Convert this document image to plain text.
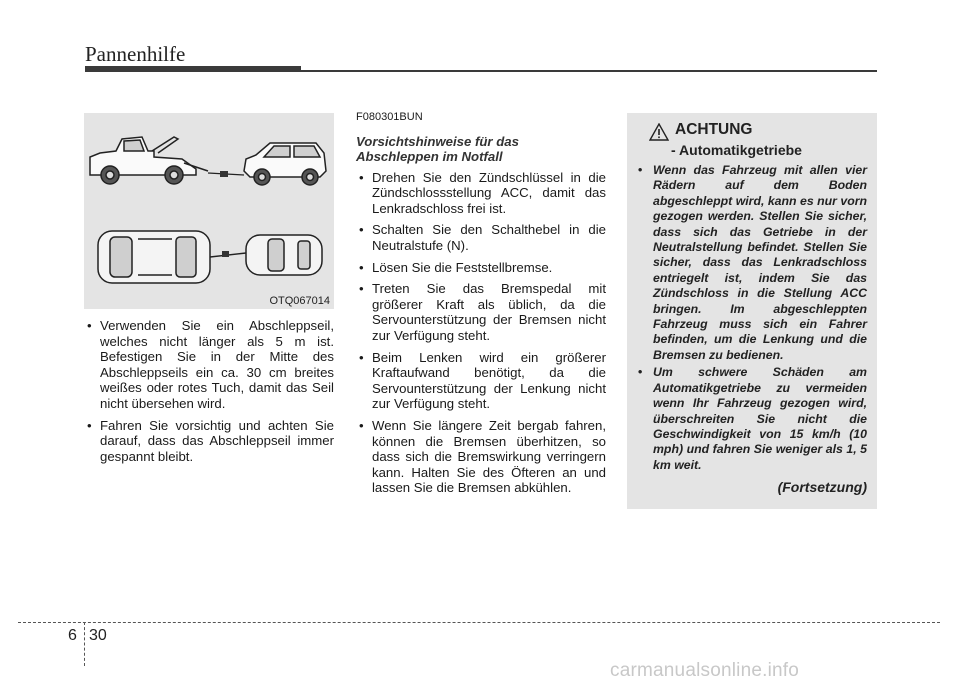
Pannenhilfe
OTQ067014
• Verwenden Sie ein Abschleppseil, welches nicht länger als 5 m ist. Befestigen Sie in der Mitte des Abschleppseils ein ca. 30 cm breites weißes oder rotes Tuch, damit das Seil nicht übersehen wird.
• Fahren Sie vorsichtig und achten Sie darauf, dass das Abschleppseil immer gespannt bleibt.
F080301BUN
Vorsichtshinweise für das
Abschleppen im Notfall
• Drehen Sie den Zündschlüssel in die Zündschlossstellung ACC, damit das Lenkradschloss frei ist.
• Schalten Sie den Schalthebel in die Neutralstufe (N).
• Lösen Sie die Feststellbremse.
• Treten Sie das Bremspedal mit größerer Kraft als üblich, da die Servounterstützung der Bremsen nicht zur Verfügung steht.
• Beim Lenken wird ein größerer Kraftaufwand benötigt, da die Servounterstützung der Lenkung nicht zur Verfügung steht.
• Wenn Sie längere Zeit bergab fahren, können die Bremsen überhitzen, so dass sich die Bremswirkung verringern kann. Halten Sie des Öfteren an und lassen Sie die Bremsen abkühlen.
ACHTUNG
- Automatikgetriebe
• Wenn das Fahrzeug mit allen vier Rädern auf dem Boden abgeschleppt wird, kann es nur vorn gezogen werden. Stellen Sie sicher, dass sich das Getriebe in der Neutralstellung befindet. Stellen Sie sicher, dass das Lenkradschloss entriegelt ist, indem Sie das Zündschloss in die Stellung ACC bringen. Im abgeschleppten Fahrzeug muss sich ein Fahrer befinden, um die Lenkung und die Bremsen zu bedienen.
• Um schwere Schäden am Automatikgetriebe zu vermeiden wenn Ihr Fahrzeug gezogen wird, überschreiten Sie nicht die Geschwindigkeit von 15 km/h (10 mph) und fahren Sie weniger als 1, 5 km weit.
(Fortsetzung)
6 30
carmanualsonline.info
